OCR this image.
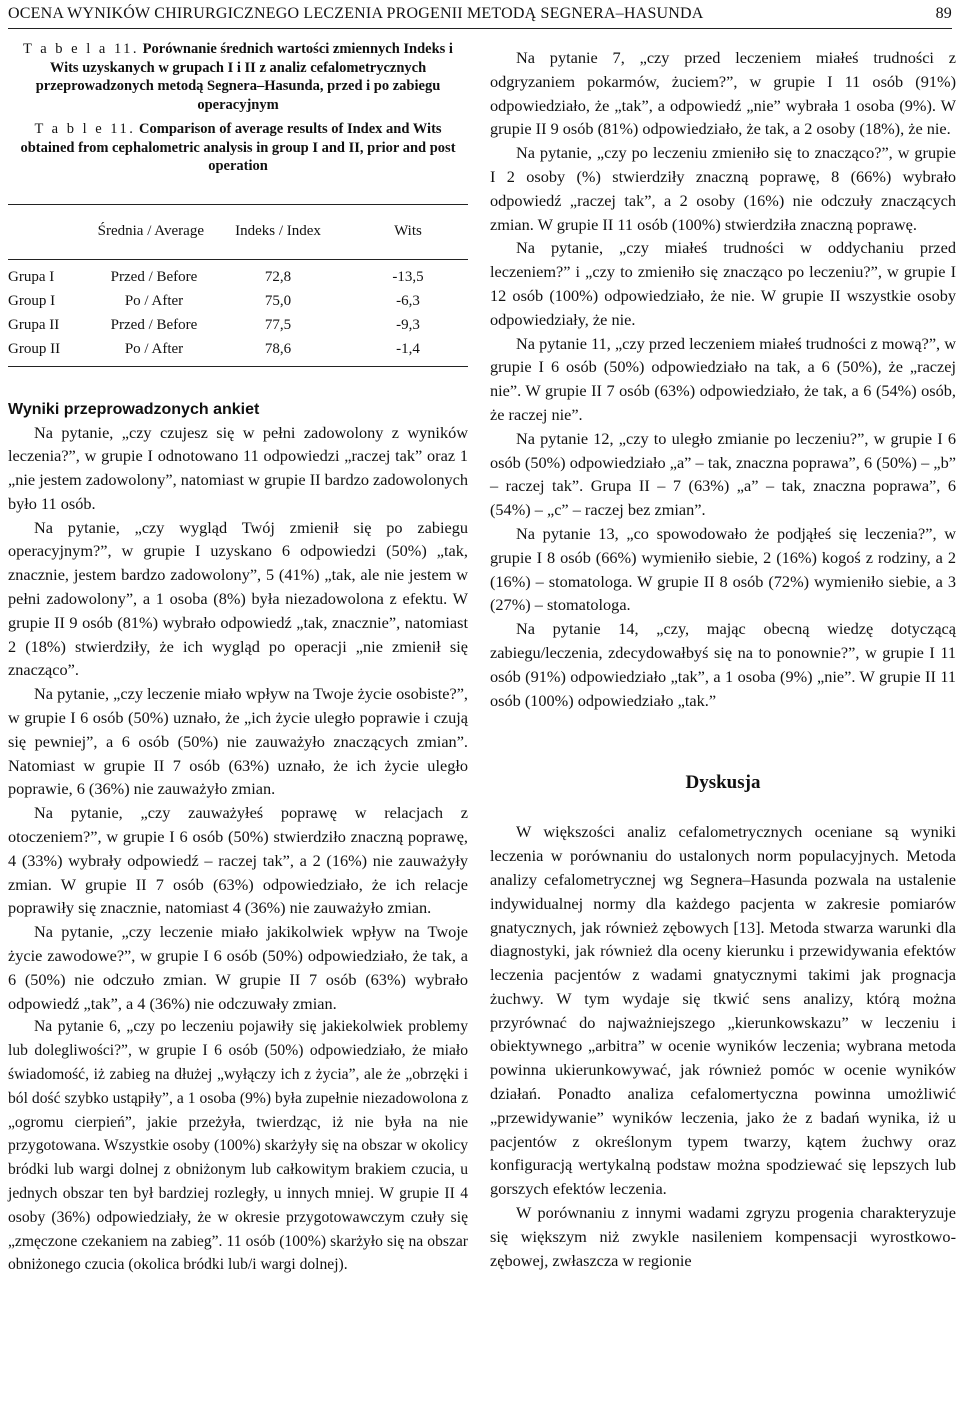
OCENA WYNIKÓW CHIRURGICZNEGO LECZENIA PROGENII METODĄ SEGNERA–HASUNDA	89
T a b e l a 11. Porównanie średnich wartości zmiennych Indeks i Wits uzyskanych w grupach I i II z analiz cefalometrycznych przeprowadzonych metodą Segnera–Hasunda, przed i po zabiegu operacyjnym
T a b l e 11. Comparison of average results of Index and Wits obtained from cephalometric analysis in group I and II, prior and post operation
Średnia / Average		Indeks / Index	Wits
Grupa I	Przed / Before	72,8	-13,5
Group I	Po / After	75,0	-6,3
Grupa II	Przed / Before	77,5	-9,3
Group II	Po / After	78,6	-1,4
Wyniki przeprowadzonych ankiet

Na pytanie, „czy czujesz się w pełni zadowolony z wyników leczenia?”, w grupie I odnotowano 11 odpowiedzi „raczej tak” oraz 1 „nie jestem zadowolony”, natomiast w grupie II bardzo zadowolonych było 11 osób.

Na pytanie, „czy wygląd Twój zmienił się po zabiegu operacyjnym?”, w grupie I uzyskano 6 odpowiedzi (50%) „tak, znacznie, jestem bardzo zadowolony”, 5 (41%) „tak, ale nie jestem w pełni zadowolony”, a 1 osoba (8%) była niezadowolona z efektu. W grupie II 9 osób (81%) wybrało odpowiedź „tak, znacznie”, natomiast 2 (18%) stwierdziły, że ich wygląd po operacji „nie zmienił się znacząco”.

Na pytanie, „czy leczenie miało wpływ na Twoje życie osobiste?”, w grupie I 6 osób (50%) uznało, że „ich życie uległo poprawie i czują się pewniej”, a 6 osób (50%) nie zauważyło znaczących zmian”. Natomiast w grupie II 7 osób (63%) uznało, że ich życie uległo poprawie, 6 (36%) nie zauważyło zmian.

Na pytanie, „czy zauważyłeś poprawę w relacjach z otoczeniem?”, w grupie I 6 osób (50%) stwierdziło znaczną poprawę, 4 (33%) wybrały odpowiedź – raczej tak”, a 2 (16%) nie zauważyły zmian. W grupie II 7 osób (63%) odpowiedziało, że ich relacje poprawiły się znacznie, natomiast 4 (36%) nie zauważyło zmian.

Na pytanie, „czy leczenie miało jakikolwiek wpływ na Twoje życie zawodowe?”, w grupie I 6 osób (50%) odpowiedziało, że tak, a 6 (50%) nie odczuło zmian. W grupie II 7 osób (63%) wybrało odpowiedź „tak”, a 4 (36%) nie odczuwały zmian.

Na pytanie 6, „czy po leczeniu pojawiły się jakiekolwiek problemy lub dolegliwości?”, w grupie I 6 osób (50%) odpowiedziało, że miało świadomość, iż zabieg na dłużej „wyłączy ich z życia”, ale że „obrzęki i ból dość szybko ustąpiły”, a 1 osoba (9%) była zupełnie niezadowolona z „ogromu cierpień”, jakie przeżyła, twierdząc, iż nie była na nie przygotowana. Wszystkie osoby (100%) skarżyły się na obszar w okolicy bródki lub wargi dolnej z obniżonym lub całkowitym brakiem czucia, u jednych obszar ten był bardziej rozległy, u innych mniej. W grupie II 4 osoby (36%) odpowiedziały, że w okresie przygotowawczym czuły się „zmęczone czekaniem na zabieg”. 11 osób (100%) skarżyło się na obszar obniżonego czucia (okolica bródki lub/i wargi dolnej).

Na pytanie 7, „czy przed leczeniem miałeś trudności z odgryzaniem pokarmów, żuciem?”, w grupie I 11 osób (91%) odpowiedziało, że „tak”, a odpowiedź „nie” wybrała 1 osoba (9%). W grupie II 9 osób (81%) odpowiedziało, że tak, a 2 osoby (18%), że nie.

Na pytanie, „czy po leczeniu zmieniło się to znacząco?”, w grupie I 2 osoby (%) stwierdziły znaczną poprawę, 8 (66%) wybrało odpowiedź „raczej tak”, a 2 osoby (16%) nie odczuły znaczących zmian. W grupie II 11 osób (100%) stwierdziła znaczną poprawę.

Na pytanie, „czy miałeś trudności w oddychaniu przed leczeniem?” i „czy to zmieniło się znacząco po leczeniu?”, w grupie I 12 osób (100%) odpowiedziało, że nie. W grupie II wszystkie osoby odpowiedziały, że nie.

Na pytanie 11, „czy przed leczeniem miałeś trudności z mową?”, w grupie I 6 osób (50%) odpowiedziało na tak, a 6 (50%), że „raczej nie”. W grupie II 7 osób (63%) odpowiedziało, że tak, a 6 (54%) osób, że raczej nie”.

Na pytanie 12, „czy to uległo zmianie po leczeniu?”, w grupie I 6 osób (50%) odpowiedziało „a” – tak, znaczna poprawa”, 6 (50%) – „b” – raczej tak”. Grupa II – 7 (63%) „a” – tak, znaczna poprawa”, 6 (54%) – „c” – raczej bez zmian”.

Na pytanie 13, „co spowodowało że podjąłeś się leczenia?”, w grupie I 8 osób (66%) wymieniło siebie, 2 (16%) kogoś z rodziny, a 2 (16%) – stomatologa. W grupie II 8 osób (72%) wymieniło siebie, a 3 (27%) – stomatologa.

Na pytanie 14, „czy, mając obecną wiedzę dotyczącą zabiegu/leczenia, zdecydowałbyś się na to ponownie?”, w grupie I 11 osób (91%) odpowiedziało „tak”, a 1 osoba (9%) „nie”. W grupie II 11 osób (100%) odpowiedziało „tak.”

Dyskusja

W większości analiz cefalometrycznych oceniane są wyniki leczenia w porównaniu do ustalonych norm populacyjnych. Metoda analizy cefalometrycznej wg Segnera–Hasunda pozwala na ustalenie indywidualnej normy dla każdego pacjenta w zakresie pomiarów gnatycznych, jak również zębowych [13]. Metoda stwarza warunki dla diagnostyki, jak również dla oceny kierunku i przewidywania efektów leczenia pacjentów z wadami gnatycznymi takimi jak prognacja żuchwy. W tym wydaje się tkwić sens analizy, którą można przyrównać do najważniejszego „kierunkowskazu” w leczeniu i obiektywnego „arbitra” w ocenie wyników leczenia; wybrana metoda powinna ukierunkowywać, jak również pomóc w ocenie wyników działań. Ponadto analiza cefalomertyczna powinna umożliwić „przewidywanie” wyników leczenia, jako że z badań wynika, iż u pacjentów z określonym typem twarzy, kątem żuchwy oraz konfiguracją wertykalną podstaw można spodziewać się lepszych lub gorszych efektów leczenia.

W porównaniu z innymi wadami zgryzu progenia charakteryzuje się większym niż zwykle nasileniem kompensacji wyrostkowo-zębowej, zwłaszcza w regionie
